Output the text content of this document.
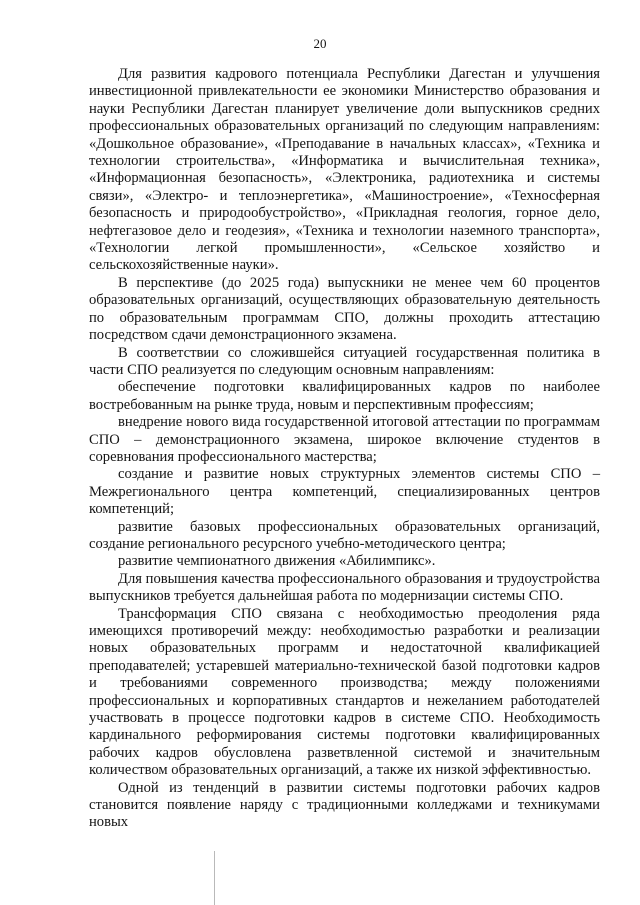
20

Для развития кадрового потенциала Республики Дагестан и улучшения инвестиционной привлекательности ее экономики Министерство образования и науки Республики Дагестан планирует увеличение доли выпускников средних профессиональных образовательных организаций по следующим направлениям: «Дошкольное образование», «Преподавание в начальных классах», «Техника и технологии строительства», «Информатика и вычислительная техника», «Информационная безопасность», «Электроника, радиотехника и системы связи», «Электро- и теплоэнергетика», «Машиностроение», «Техносферная безопасность и природообустройство», «Прикладная геология, горное дело, нефтегазовое дело и геодезия», «Техника и технологии наземного транспорта», «Технологии легкой промышленности», «Сельское хозяйство и сельскохозяйственные науки».

В перспективе (до 2025 года) выпускники не менее чем 60 процентов образовательных организаций, осуществляющих образовательную деятельность по образовательным программам СПО, должны проходить аттестацию посредством сдачи демонстрационного экзамена.

В соответствии со сложившейся ситуацией государственная политика в части СПО реализуется по следующим основным направлениям:

обеспечение подготовки квалифицированных кадров по наиболее востребованным на рынке труда, новым и перспективным профессиям;

внедрение нового вида государственной итоговой аттестации по программам СПО – демонстрационного экзамена, широкое включение студентов в соревнования профессионального мастерства;

создание и развитие новых структурных элементов системы СПО – Межрегионального центра компетенций, специализированных центров компетенций;

развитие базовых профессиональных образовательных организаций, создание регионального ресурсного учебно-методического центра;

развитие чемпионатного движения «Абилимпикс».

Для повышения качества профессионального образования и трудоустройства выпускников требуется дальнейшая работа по модернизации системы СПО.

Трансформация СПО связана с необходимостью преодоления ряда имеющихся противоречий между: необходимостью разработки и реализации новых образовательных программ и недостаточной квалификацией преподавателей; устаревшей материально-технической базой подготовки кадров и требованиями современного производства; между положениями профессиональных и корпоративных стандартов и нежеланием работодателей участвовать в процессе подготовки кадров в системе СПО. Необходимость кардинального реформирования системы подготовки квалифицированных рабочих кадров обусловлена разветвленной системой и значительным количеством образовательных организаций, а также их низкой эффективностью.

Одной из тенденций в развитии системы подготовки рабочих кадров становится появление наряду с традиционными колледжами и техникумами новых
